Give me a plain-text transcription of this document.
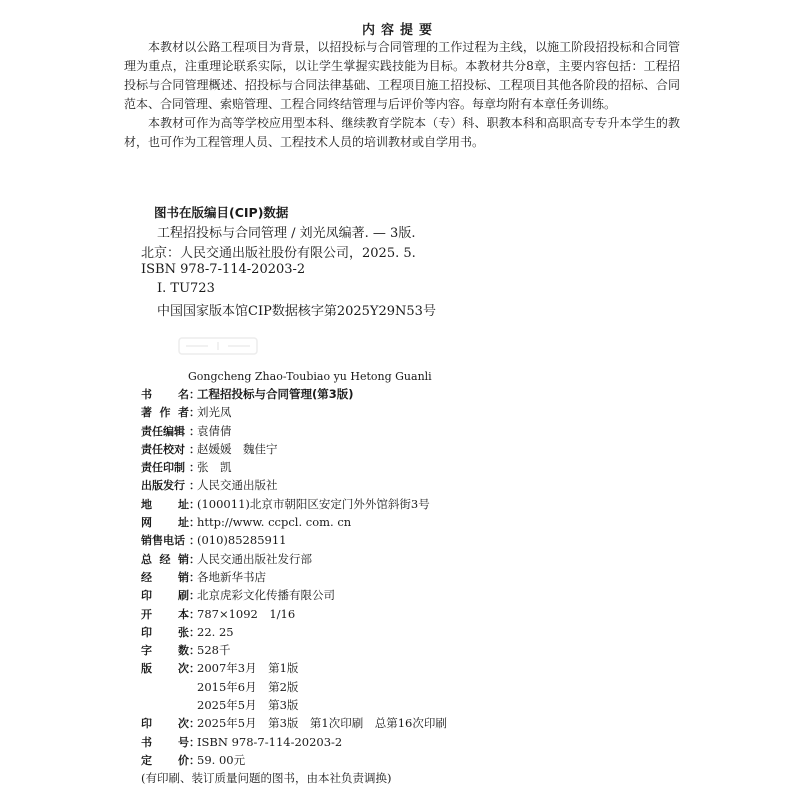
内容提要

本教材以公路工程项目为背景，以招投标与合同管理的工作过程为主线，以施工阶段招投标和合同管理为重点，注重理论联系实际，以让学生掌握实践技能为目标。本教材共分8章，主要内容包括：工程招投标与合同管理概述、招投标与合同法律基础、工程项目施工招投标、工程项目其他各阶段的招标、合同范本、合同管理、索赔管理、工程合同终结管理与后评价等内容。每章均附有本章任务训练。

本教材可作为高等学校应用型本科、继续教育学院本（专）科、职教本科和高职高专专升本学生的教材，也可作为工程管理人员、工程技术人员的培训教材或自学用书。

图书在版编目(CIP)数据
工程招投标与合同管理 / 刘光凤编著. — 3版.
北京：人民交通出版社股份有限公司，2025. 5.
ISBN 978-7-114-20203-2
Ⅰ. TU723
中国国家版本馆CIP数据核字第2025Y29N53号
Gongcheng Zhao-Toubiao yu Hetong Guanli
书 名 ：
工程招投标与合同管理(第3版)
著 作 者 ：
刘光凤
责任编辑 ：
袁倩倩
责任校对 ：
赵媛媛　魏佳宁
责任印制 ：
张　凯
出版发行 ：
人民交通出版社
地 址 ：
(100011)北京市朝阳区安定门外外馆斜街3号
网 址 ：
http://www. ccpcl. com. cn
销售电话 ：
(010)85285911
总 经 销 ：
人民交通出版社发行部
经 销 ：
各地新华书店
印 刷 ：
北京虎彩文化传播有限公司
开 本 ：
787×1092　1/16
印 张 ：
22. 25
字 数 ：
528千
版 次 ：
2007年3月　第1版
2015年6月　第2版
2025年5月　第3版
印 次 ：
2025年5月　第3版　第1次印刷　总第16次印刷
书 号 ：
ISBN 978-7-114-20203-2
定 价 ：
59. 00元
(有印刷、装订质量问题的图书，由本社负责调换)
